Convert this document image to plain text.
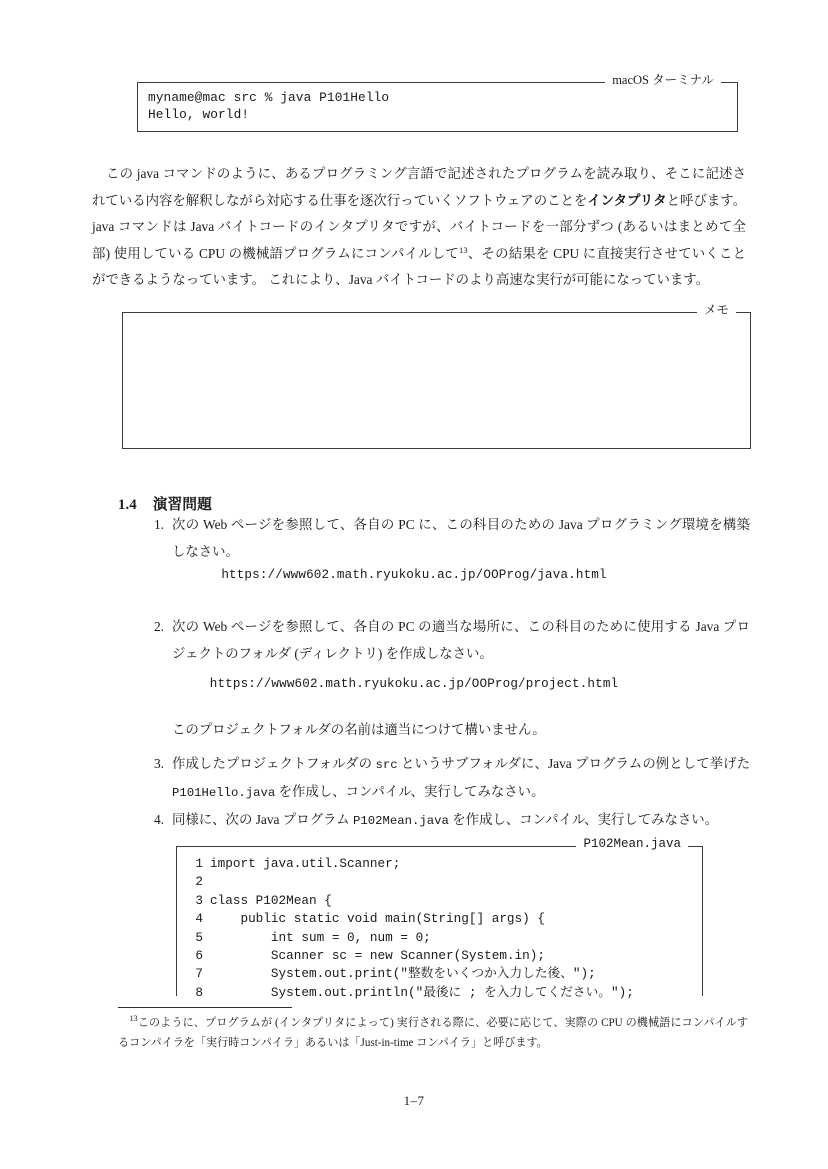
macOS ターミナル
myname@mac src % java P101Hello
Hello, world!

この java コマンドのように、あるプログラミング言語で記述されたプログラムを読み取り、そこに記述されている内容を解釈しながら対応する仕事を逐次行っていくソフトウェアのことをインタプリタと呼びます。java コマンドは Java バイトコードのインタプリタですが、バイトコードを一部分ずつ (あるいはまとめて全部) 使用している CPU の機械語プログラムにコンパイルして$^{13}$、その結果を CPU に直接実行させていくことができるようなっています。 これにより、Java バイトコードのより高速な実行が可能になっています。

メモ
1.4 演習問題
1. 次の Web ページを参照して、各自の PC に、この科目のための Java プログラミング環境を構築しなさい。
https://www602.math.ryukoku.ac.jp/OOProg/java.html
2. 次の Web ページを参照して、各自の PC の適当な場所に、この科目のために使用する Java プロジェクトのフォルダ (ディレクトリ) を作成しなさい。
https://www602.math.ryukoku.ac.jp/OOProg/project.html
このプロジェクトフォルダの名前は適当につけて構いません。
3. 作成したプロジェクトフォルダの src というサブフォルダに、Java プログラムの例として挙げた P101Hello.java を作成し、コンパイル、実行してみなさい。
4. 同様に、次の Java プログラム P102Mean.java を作成し、コンパイル、実行してみなさい。
P102Mean.java
1 import java.util.Scanner;
2
3 class P102Mean {
4    public static void main(String[] args) {
5        int sum = 0, num = 0;
6        Scanner sc = new Scanner(System.in);
7        System.out.print("整数をいくつか入力した後、");
8        System.out.println("最後に ; を入力してください。");
$^{13}$このように、プログラムが (インタプリタによって) 実行される際に、必要に応じて、実際の CPU の機械語にコンパイルするコンパイラを「実行時コンパイラ」あるいは「Just-in-time コンパイラ」と呼びます。
1–7
